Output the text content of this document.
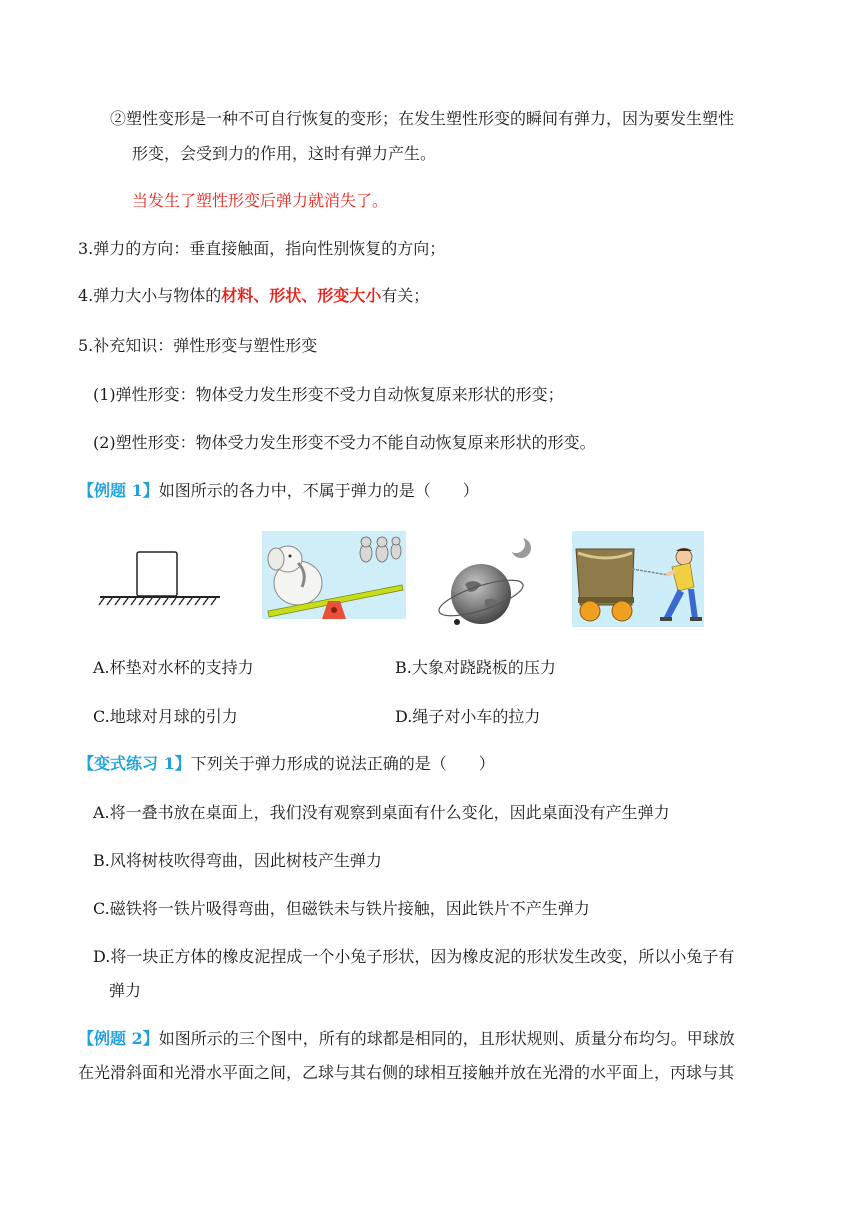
②塑性变形是一种不可自行恢复的变形；在发生塑性形变的瞬间有弹力，因为要发生塑性
形变，会受到力的作用，这时有弹力产生。
当发生了塑性形变后弹力就消失了。
3.弹力的方向：垂直接触面，指向性别恢复的方向；
4.弹力大小与物体的材料、形状、形变大小有关；
5.补充知识：弹性形变与塑性形变
(1)弹性形变：物体受力发生形变不受力自动恢复原来形状的形变；
(2)塑性形变：物体受力发生形变不受力不能自动恢复原来形状的形变。
【例题 1】如图所示的各力中，不属于弹力的是（　　）
A.杯垫对水杯的支持力	B.大象对跷跷板的压力
C.地球对月球的引力	D.绳子对小车的拉力
【变式练习 1】下列关于弹力形成的说法正确的是（　　）
A.将一叠书放在桌面上，我们没有观察到桌面有什么变化，因此桌面没有产生弹力
B.风将树枝吹得弯曲，因此树枝产生弹力
C.磁铁将一铁片吸得弯曲，但磁铁未与铁片接触，因此铁片不产生弹力
D.将一块正方体的橡皮泥捏成一个小兔子形状，因为橡皮泥的形状发生改变，所以小兔子有
弹力
【例题 2】如图所示的三个图中，所有的球都是相同的，且形状规则、质量分布均匀。甲球放
在光滑斜面和光滑水平面之间，乙球与其右侧的球相互接触并放在光滑的水平面上，丙球与其
